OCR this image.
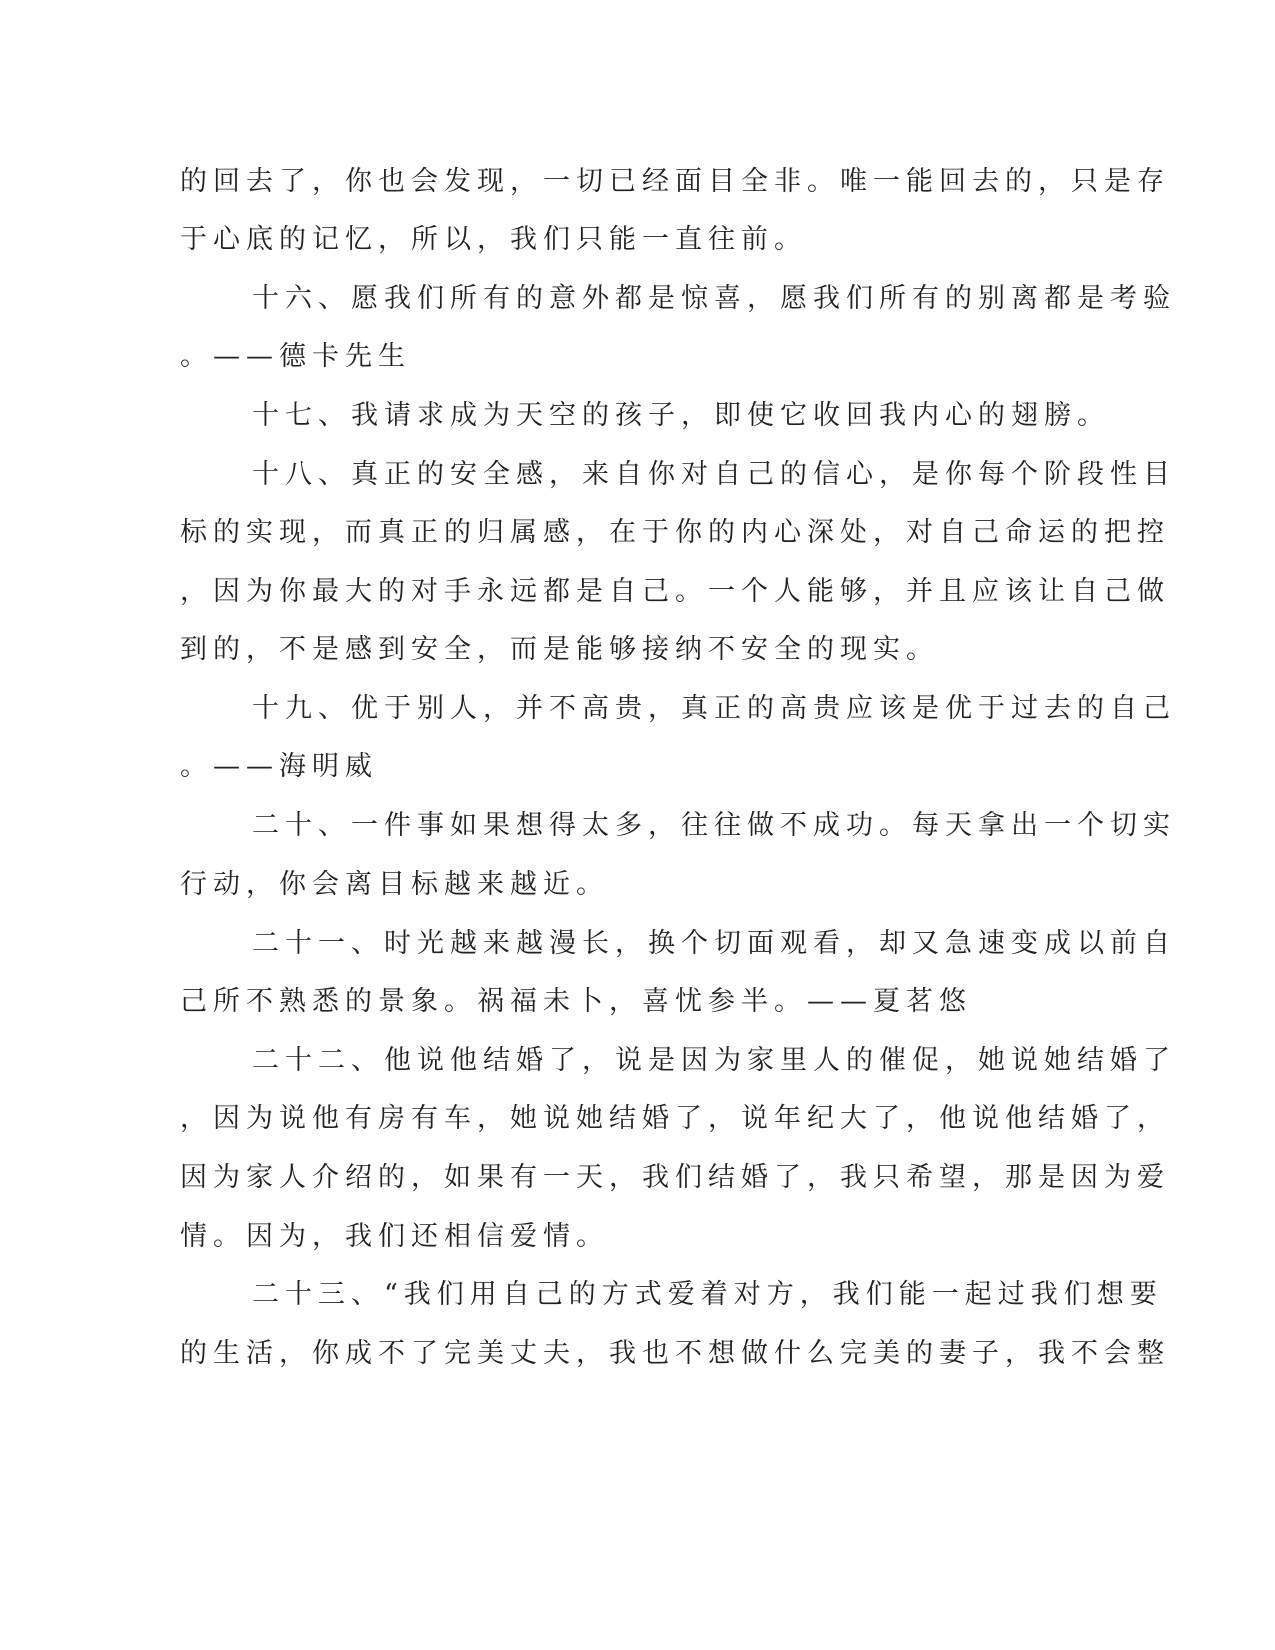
的回去了，你也会发现，一切已经面目全非。唯一能回去的，只是存
于心底的记忆，所以，我们只能一直往前。
十六、愿我们所有的意外都是惊喜，愿我们所有的别离都是考验
。——德卡先生
十七、我请求成为天空的孩子，即使它收回我内心的翅膀。
十八、真正的安全感，来自你对自己的信心，是你每个阶段性目
标的实现，而真正的归属感，在于你的内心深处，对自己命运的把控
，因为你最大的对手永远都是自己。一个人能够，并且应该让自己做
到的，不是感到安全，而是能够接纳不安全的现实。
十九、优于别人，并不高贵，真正的高贵应该是优于过去的自己
。——海明威
二十、一件事如果想得太多，往往做不成功。每天拿出一个切实
行动，你会离目标越来越近。
二十一、时光越来越漫长，换个切面观看，却又急速变成以前自
己所不熟悉的景象。祸福未卜，喜忧参半。——夏茗悠
二十二、他说他结婚了，说是因为家里人的催促，她说她结婚了
，因为说他有房有车，她说她结婚了，说年纪大了，他说他结婚了，
因为家人介绍的，如果有一天，我们结婚了，我只希望，那是因为爱
情。因为，我们还相信爱情。
二十三、“我们用自己的方式爱着对方，我们能一起过我们想要
的生活，你成不了完美丈夫，我也不想做什么完美的妻子，我不会整
